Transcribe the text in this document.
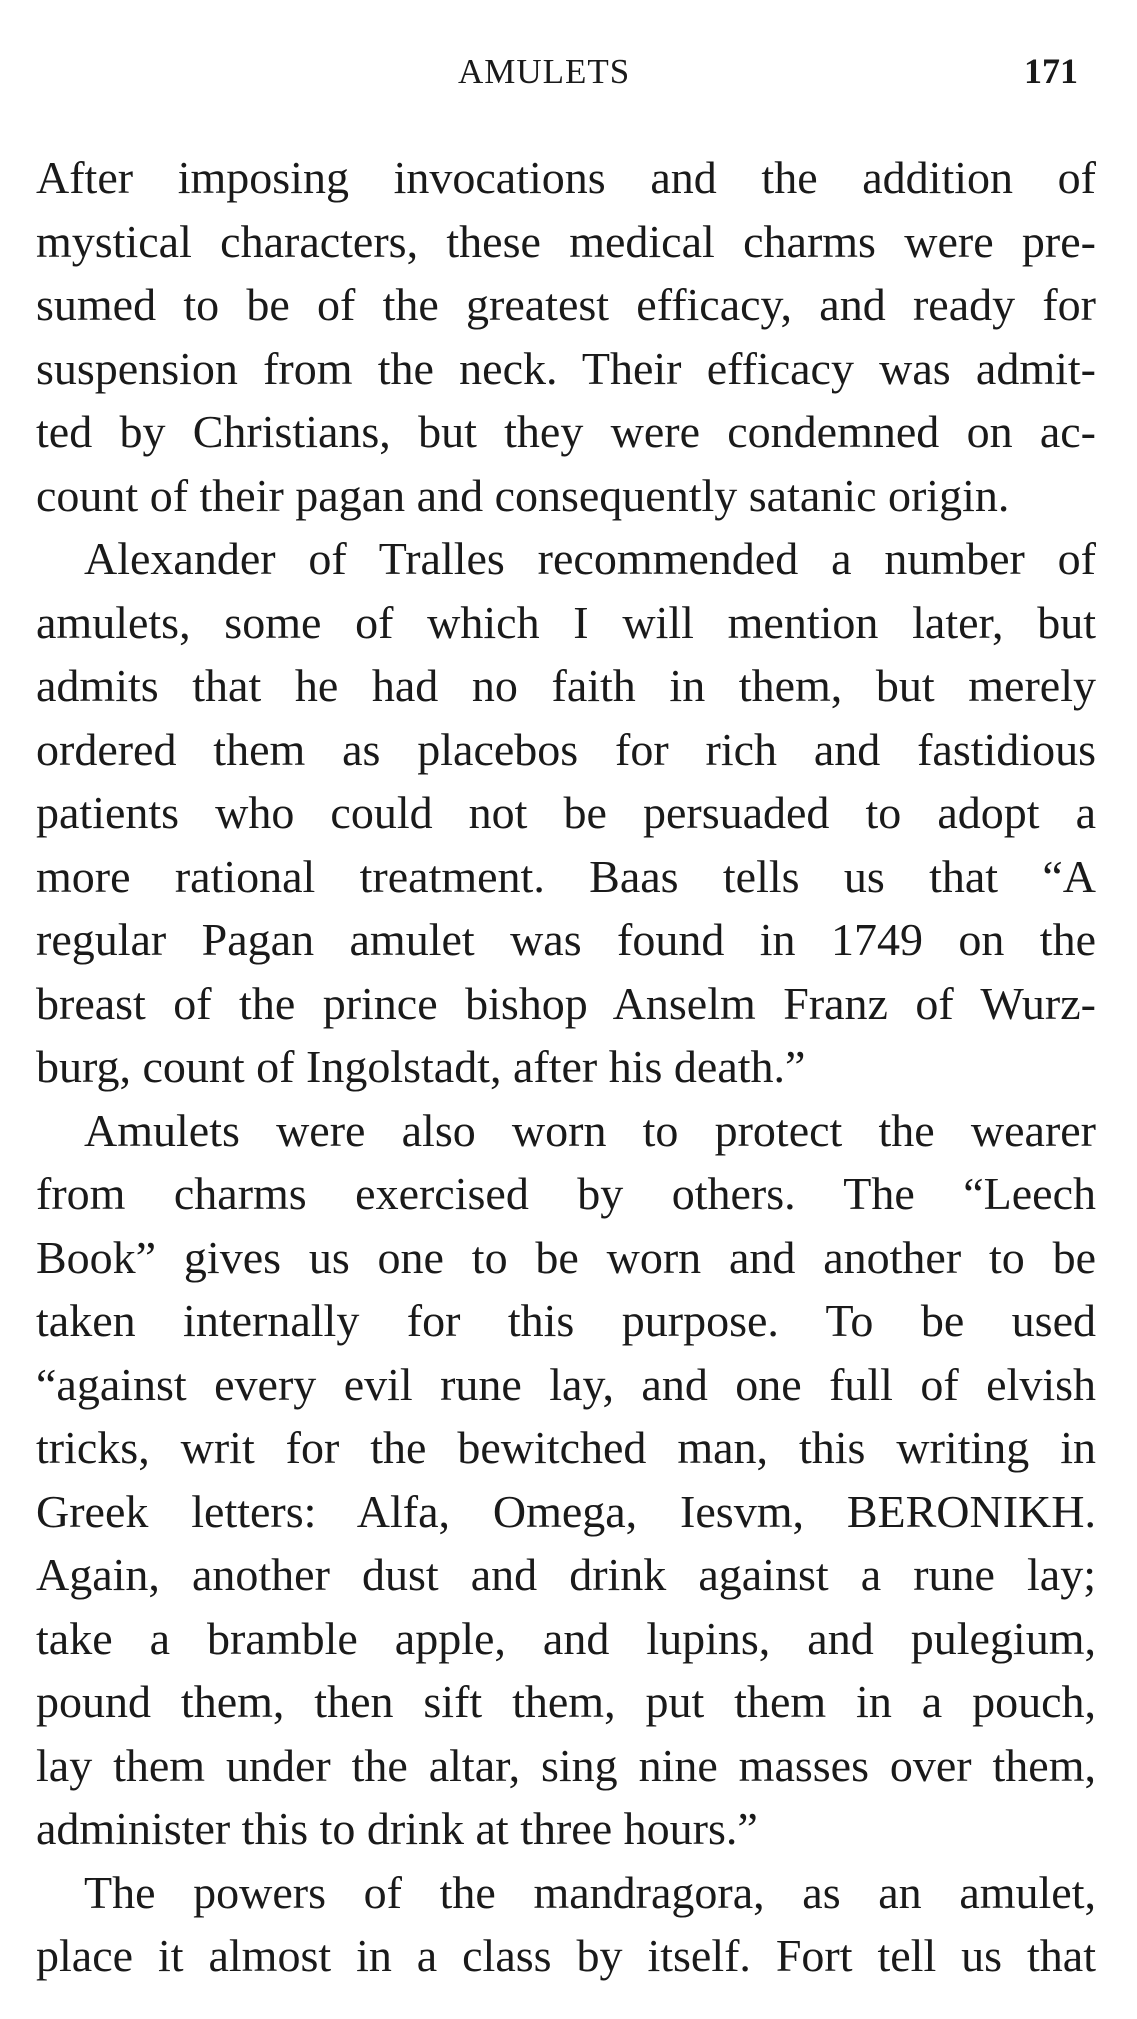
AMULETS	171
After imposing invocations and the addition of
mystical characters, these medical charms were pre-
sumed to be of the greatest efficacy, and ready for
suspension from the neck. Their efficacy was admit-
ted by Christians, but they were condemned on ac-
count of their pagan and consequently satanic origin.
Alexander of Tralles recommended a number of
amulets, some of which I will mention later, but
admits that he had no faith in them, but merely
ordered them as placebos for rich and fastidious
patients who could not be persuaded to adopt a
more rational treatment. Baas tells us that “A
regular Pagan amulet was found in 1749 on the
breast of the prince bishop Anselm Franz of Wurz-
burg, count of Ingolstadt, after his death.”
Amulets were also worn to protect the wearer
from charms exercised by others. The “Leech
Book” gives us one to be worn and another to be
taken internally for this purpose. To be used
“against every evil rune lay, and one full of elvish
tricks, writ for the bewitched man, this writing in
Greek letters: Alfa, Omega, Iesvm, BERONIKH.
Again, another dust and drink against a rune lay;
take a bramble apple, and lupins, and pulegium,
pound them, then sift them, put them in a pouch,
lay them under the altar, sing nine masses over them,
administer this to drink at three hours.”
The powers of the mandragora, as an amulet,
place it almost in a class by itself. Fort tell us that
